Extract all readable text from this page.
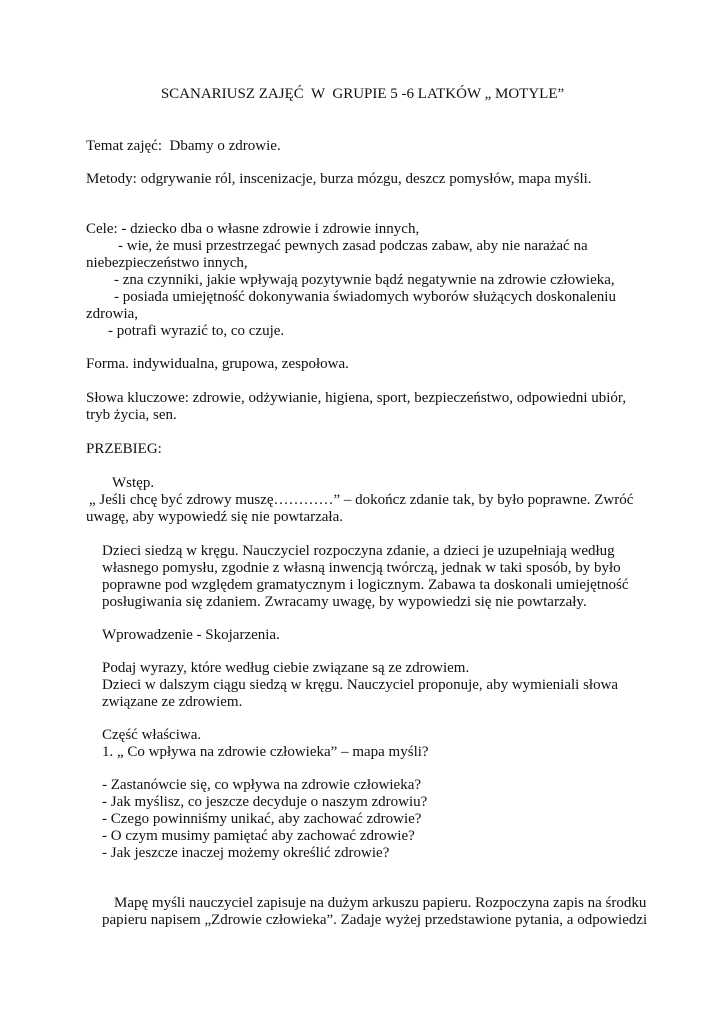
SCANARIUSZ ZAJĘĆ  W  GRUPIE 5 -6 LATKÓW „ MOTYLE”
Temat zajęć:  Dbamy o zdrowie.
Metody: odgrywanie ról, inscenizacje, burza mózgu, deszcz pomysłów, mapa myśli.
Cele: - dziecko dba o własne zdrowie i zdrowie innych,
- wie, że musi przestrzegać pewnych zasad podczas zabaw, aby nie narażać na
niebezpieczeństwo innych,
- zna czynniki, jakie wpływają pozytywnie bądź negatywnie na zdrowie człowieka,
- posiada umiejętność dokonywania świadomych wyborów służących doskonaleniu
zdrowia,
- potrafi wyrazić to, co czuje.
Forma. indywidualna, grupowa, zespołowa.
Słowa kluczowe: zdrowie, odżywianie, higiena, sport, bezpieczeństwo, odpowiedni ubiór,
tryb życia, sen.
PRZEBIEG:
Wstęp.
„ Jeśli chcę być zdrowy muszę…………” – dokończ zdanie tak, by było poprawne. Zwróć
uwagę, aby wypowiedź się nie powtarzała.
Dzieci siedzą w kręgu. Nauczyciel rozpoczyna zdanie, a dzieci je uzupełniają według
własnego pomysłu, zgodnie z własną inwencją twórczą, jednak w taki sposób, by było
poprawne pod względem gramatycznym i logicznym. Zabawa ta doskonali umiejętność
posługiwania się zdaniem. Zwracamy uwagę, by wypowiedzi się nie powtarzały.
Wprowadzenie - Skojarzenia.
Podaj wyrazy, które według ciebie związane są ze zdrowiem.
Dzieci w dalszym ciągu siedzą w kręgu. Nauczyciel proponuje, aby wymieniali słowa
związane ze zdrowiem.
Część właściwa.
1. „ Co wpływa na zdrowie człowieka” – mapa myśli?
- Zastanówcie się, co wpływa na zdrowie człowieka?
- Jak myślisz, co jeszcze decyduje o naszym zdrowiu?
- Czego powinniśmy unikać, aby zachować zdrowie?
- O czym musimy pamiętać aby zachować zdrowie?
- Jak jeszcze inaczej możemy określić zdrowie?
Mapę myśli nauczyciel zapisuje na dużym arkuszu papieru. Rozpoczyna zapis na środku
papieru napisem „Zdrowie człowieka”. Zadaje wyżej przedstawione pytania, a odpowiedzi
